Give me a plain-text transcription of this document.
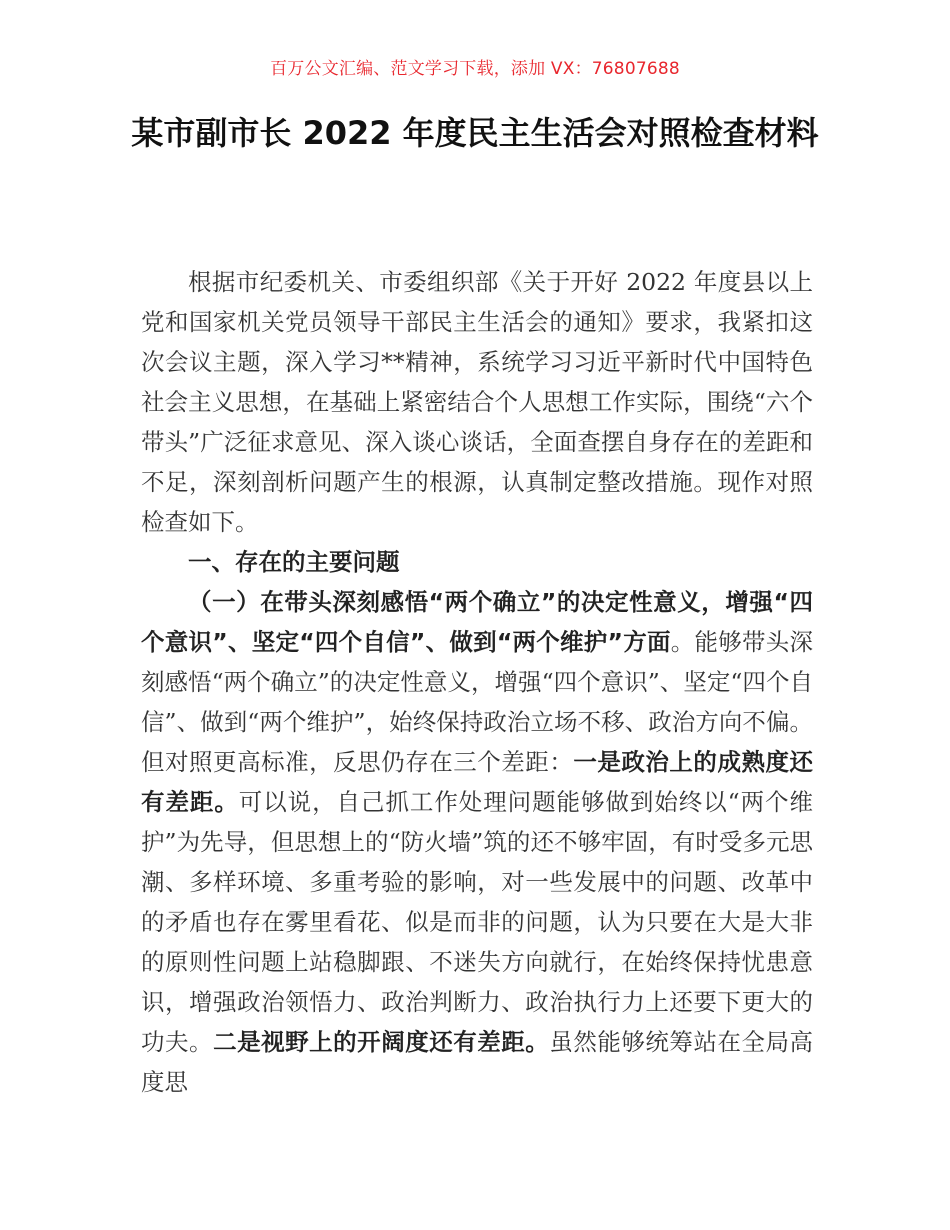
百万公文汇编、范文学习下载，添加 VX：76807688
某市副市长 2022 年度民主生活会对照检查材料

根据市纪委机关、市委组织部《关于开好 2022 年度县以上党和国家机关党员领导干部民主生活会的通知》要求，我紧扣这次会议主题，深入学习**精神，系统学习习近平新时代中国特色社会主义思想，在基础上紧密结合个人思想工作实际，围绕“六个带头”广泛征求意见、深入谈心谈话，全面查摆自身存在的差距和不足，深刻剖析问题产生的根源，认真制定整改措施。现作对照检查如下。

一、存在的主要问题

（一）在带头深刻感悟“两个确立”的决定性意义，增强“四个意识”、坚定“四个自信”、做到“两个维护”方面。能够带头深刻感悟“两个确立”的决定性意义，增强“四个意识”、坚定“四个自信”、做到“两个维护”，始终保持政治立场不移、政治方向不偏。但对照更高标准，反思仍存在三个差距：一是政治上的成熟度还有差距。可以说，自己抓工作处理问题能够做到始终以“两个维护”为先导，但思想上的“防火墙”筑的还不够牢固，有时受多元思潮、多样环境、多重考验的影响，对一些发展中的问题、改革中的矛盾也存在雾里看花、似是而非的问题，认为只要在大是大非的原则性问题上站稳脚跟、不迷失方向就行，在始终保持忧患意识，增强政治领悟力、政治判断力、政治执行力上还要下更大的功夫。二是视野上的开阔度还有差距。虽然能够统筹站在全局高度思
